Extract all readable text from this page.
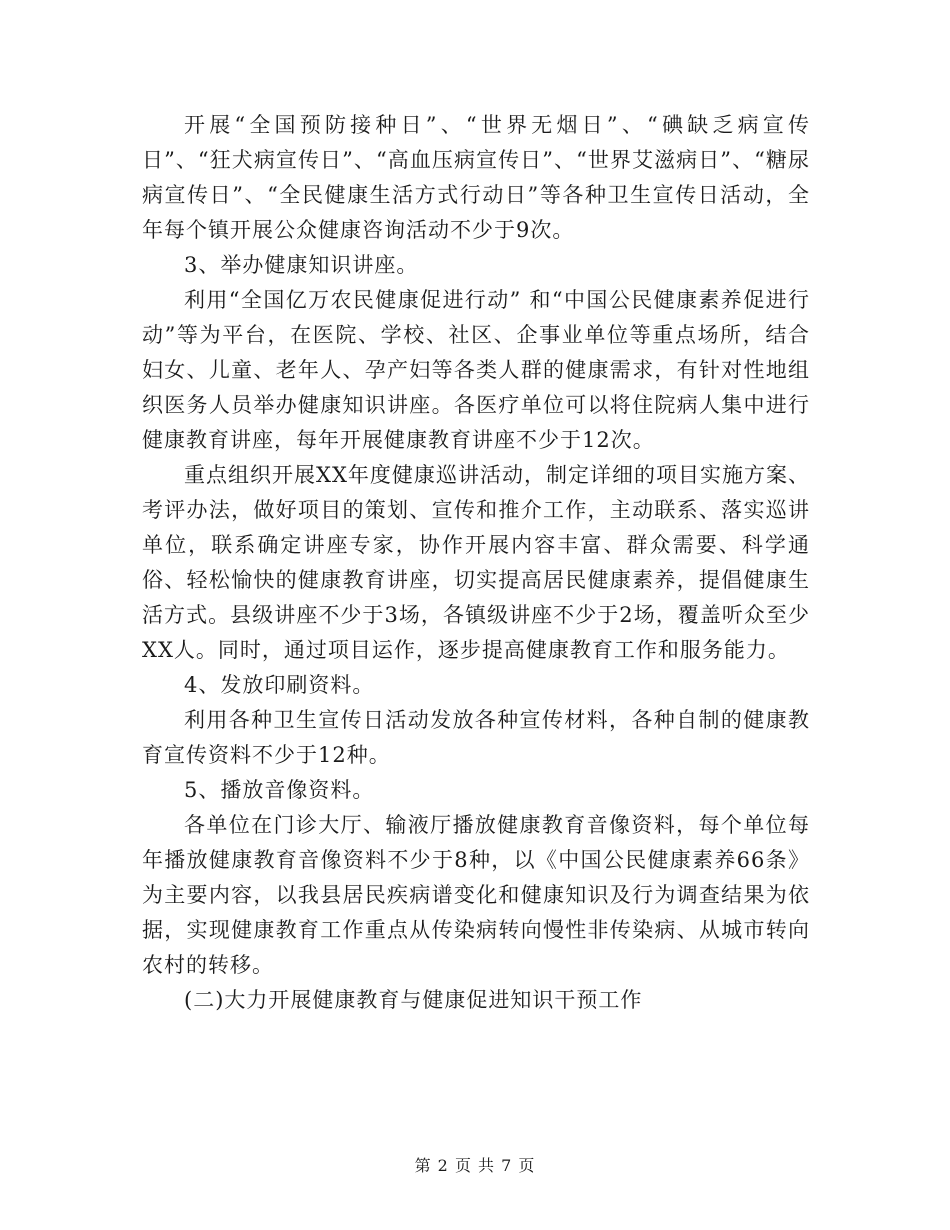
开展“全国预防接种日”、“世界无烟日”、“碘缺乏病宣传日”、“狂犬病宣传日”、“高血压病宣传日”、“世界艾滋病日”、“糖尿病宣传日”、“全民健康生活方式行动日”等各种卫生宣传日活动，全年每个镇开展公众健康咨询活动不少于9次。

3、举办健康知识讲座。

利用“全国亿万农民健康促进行动” 和“中国公民健康素养促进行动”等为平台，在医院、学校、社区、企事业单位等重点场所，结合妇女、儿童、老年人、孕产妇等各类人群的健康需求，有针对性地组织医务人员举办健康知识讲座。各医疗单位可以将住院病人集中进行健康教育讲座，每年开展健康教育讲座不少于12次。

重点组织开展XX年度健康巡讲活动，制定详细的项目实施方案、考评办法，做好项目的策划、宣传和推介工作，主动联系、落实巡讲单位，联系确定讲座专家，协作开展内容丰富、群众需要、科学通俗、轻松愉快的健康教育讲座，切实提高居民健康素养，提倡健康生活方式。县级讲座不少于3场，各镇级讲座不少于2场，覆盖听众至少XX人。同时，通过项目运作，逐步提高健康教育工作和服务能力。

4、发放印刷资料。

利用各种卫生宣传日活动发放各种宣传材料，各种自制的健康教育宣传资料不少于12种。

5、播放音像资料。

各单位在门诊大厅、输液厅播放健康教育音像资料，每个单位每年播放健康教育音像资料不少于8种，以《中国公民健康素养66条》为主要内容，以我县居民疾病谱变化和健康知识及行为调查结果为依据，实现健康教育工作重点从传染病转向慢性非传染病、从城市转向农村的转移。

(二)大力开展健康教育与健康促进知识干预工作

第 2 页 共 7 页
